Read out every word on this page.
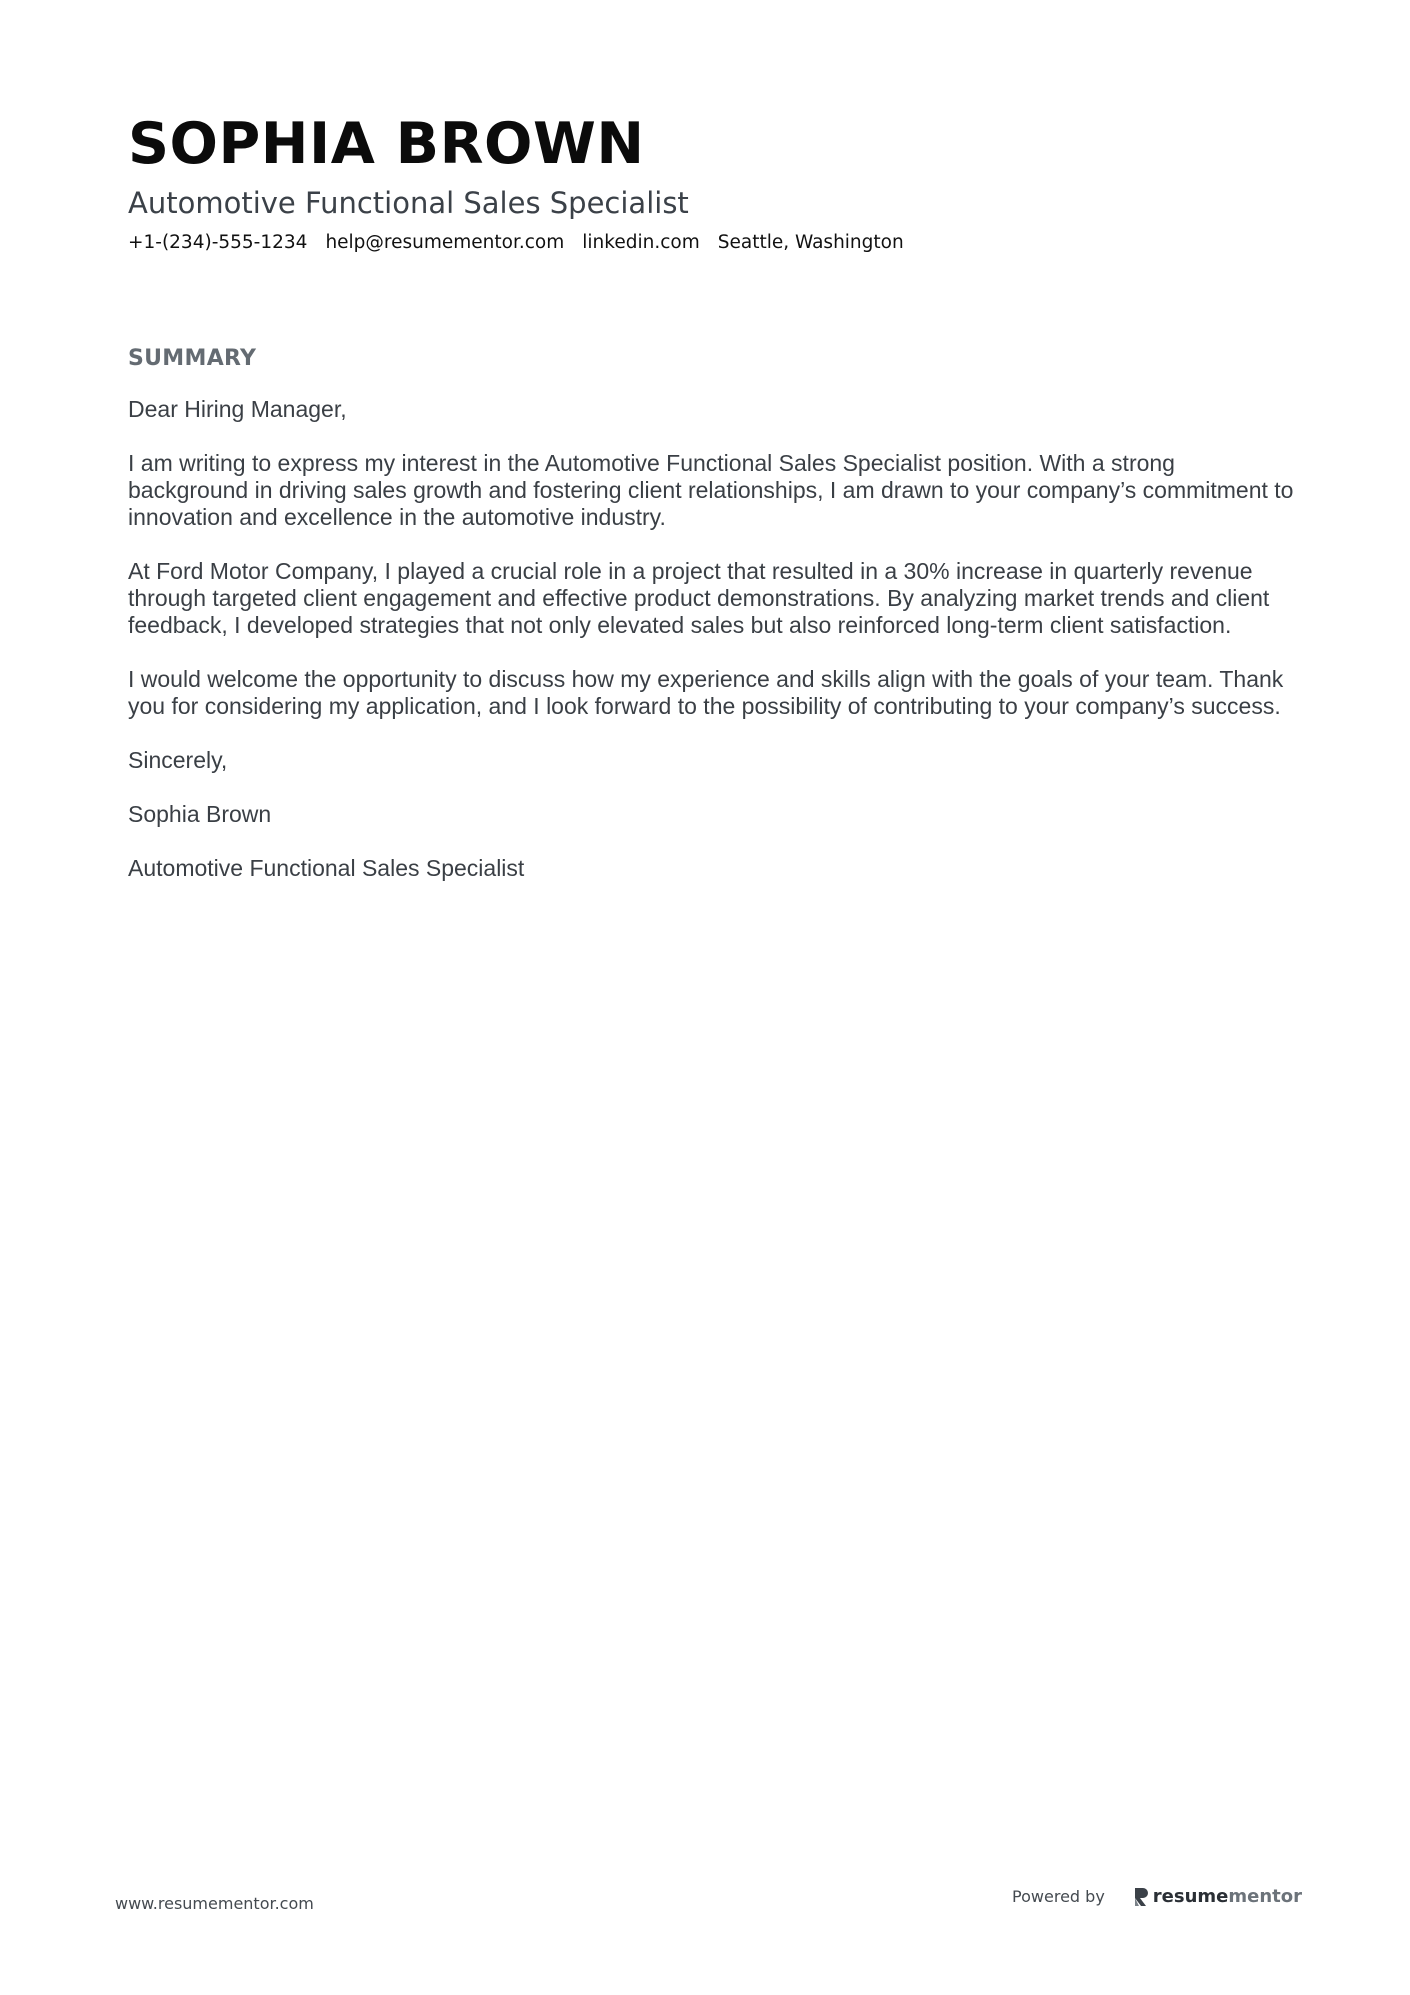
SOPHIA BROWN
Automotive Functional Sales Specialist
+1-(234)-555-1234 help@resumementor.com linkedin.com Seattle, Washington
SUMMARY

Dear Hiring Manager,

I am writing to express my interest in the Automotive Functional Sales Specialist position. With a strong background in driving sales growth and fostering client relationships, I am drawn to your company’s commitment to innovation and excellence in the automotive industry.

At Ford Motor Company, I played a crucial role in a project that resulted in a 30% increase in quarterly revenue through targeted client engagement and effective product demonstrations. By analyzing market trends and client feedback, I developed strategies that not only elevated sales but also reinforced long-term client satisfaction.

I would welcome the opportunity to discuss how my experience and skills align with the goals of your team. Thank you for considering my application, and I look forward to the possibility of contributing to your company’s success.

Sincerely,

Sophia Brown

Automotive Functional Sales Specialist

www.resumementor.com	Powered by	resume mentor
